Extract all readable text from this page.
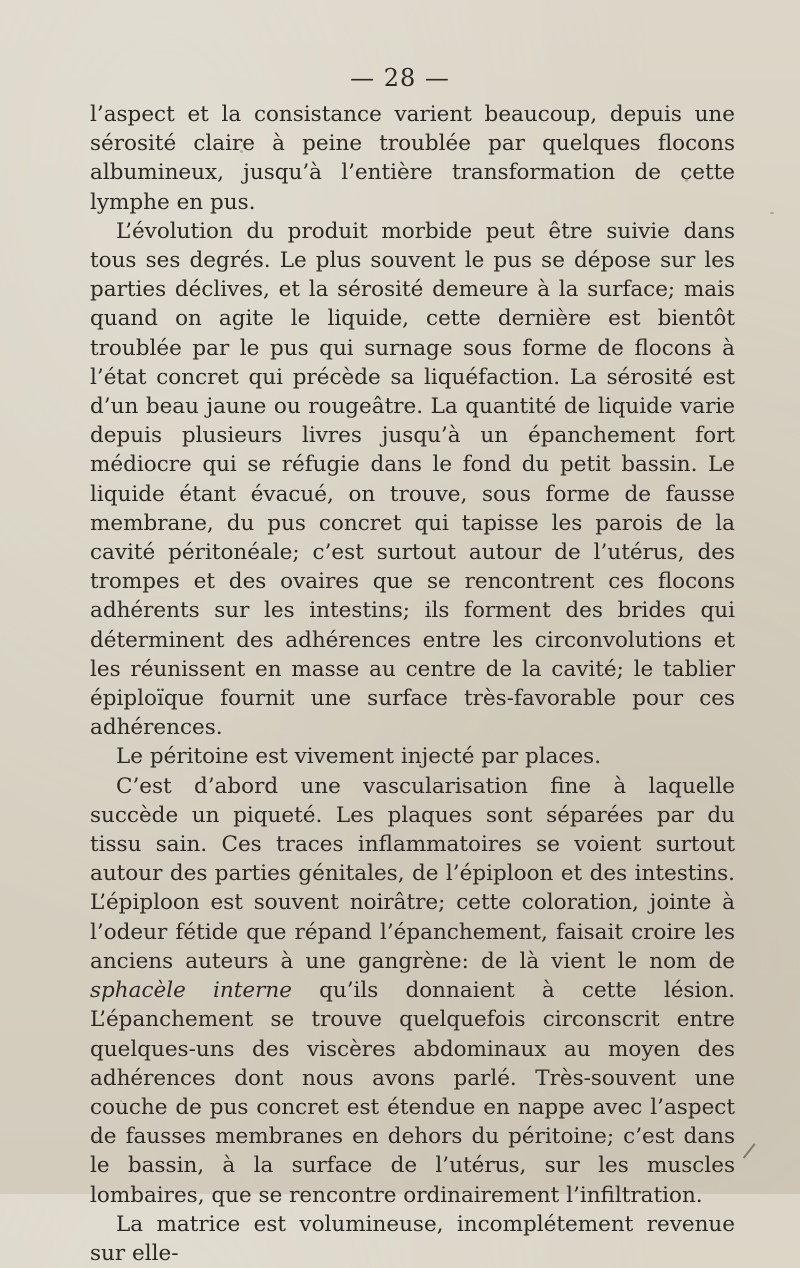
— 28 —

l’aspect et la consistance varient beaucoup, depuis une sérosité claire à peine troublée par quelques flocons albumineux, jusqu’à l’entière transformation de cette lymphe en pus.

L’évolution du produit morbide peut être suivie dans tous ses degrés. Le plus souvent le pus se dépose sur les parties déclives, et la sérosité demeure à la surface; mais quand on agite le liquide, cette dernière est bientôt troublée par le pus qui surnage sous forme de flocons à l’état concret qui précède sa liquéfaction. La sérosité est d’un beau jaune ou rougeâtre. La quantité de liquide varie depuis plusieurs livres jusqu’à un épanchement fort médiocre qui se réfugie dans le fond du petit bassin. Le liquide étant évacué, on trouve, sous forme de fausse membrane, du pus concret qui tapisse les parois de la cavité péritonéale; c’est surtout autour de l’utérus, des trompes et des ovaires que se rencontrent ces flocons adhérents sur les intestins; ils forment des brides qui déterminent des adhérences entre les circonvolutions et les réunissent en masse au centre de la cavité; le tablier épiploïque fournit une surface très-favorable pour ces adhérences.

Le péritoine est vivement injecté par places.

C’est d’abord une vascularisation fine à laquelle succède un piqueté. Les plaques sont séparées par du tissu sain. Ces traces inflammatoires se voient surtout autour des parties génitales, de l’épiploon et des intestins. L’épiploon est souvent noirâtre; cette coloration, jointe à l’odeur fétide que répand l’épanchement, faisait croire les anciens auteurs à une gangrène: de là vient le nom de sphacèle interne qu’ils donnaient à cette lésion. L’épanchement se trouve quelquefois circonscrit entre quelques-uns des viscères abdominaux au moyen des adhérences dont nous avons parlé. Très-souvent une couche de pus concret est étendue en nappe avec l’aspect de fausses membranes en dehors du péritoine; c’est dans le bassin, à la surface de l’utérus, sur les muscles lombaires, que se rencontre ordinairement l’infiltration.

La matrice est volumineuse, incomplétement revenue sur elle-
